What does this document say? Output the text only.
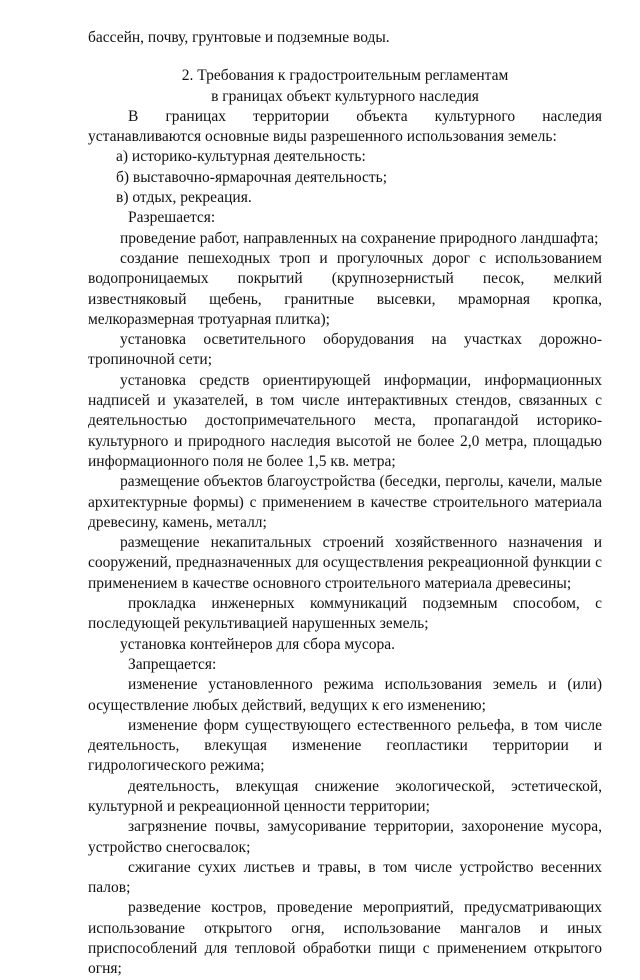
бассейн, почву, грунтовые и подземные воды.

2. Требования к градостроительным регламентам

в границах объект культурного наследия

В границах территории объекта культурного наследия устанавливаются основные виды разрешенного использования земель:

а) историко-культурная деятельность:

б) выставочно-ярмарочная деятельность;

в) отдых, рекреация.

Разрешается:

проведение работ, направленных на сохранение природного ландшафта;

создание пешеходных троп и прогулочных дорог с использованием водопроницаемых покрытий (крупнозернистый песок, мелкий известняковый щебень, гранитные высевки, мраморная кропка, мелкоразмерная тротуарная плитка);

установка осветительного оборудования на участках дорожно-тропиночной сети;

установка средств ориентирующей информации, информационных надписей и указателей, в том числе интерактивных стендов, связанных с деятельностью достопримечательного места, пропагандой историко-культурного и природного наследия высотой не более 2,0 метра, площадью информационного поля не более 1,5 кв. метра;

размещение объектов благоустройства (беседки, перголы, качели, малые архитектурные формы) с применением в качестве строительного материала древесину, камень, металл;

размещение некапитальных строений хозяйственного назначения и сооружений, предназначенных для осуществления рекреационной функции с применением в качестве основного строительного материала древесины;

прокладка инженерных коммуникаций подземным способом, с последующей рекультивацией нарушенных земель;

установка контейнеров для сбора мусора.

Запрещается:

изменение установленного режима использования земель и (или) осуществление любых действий, ведущих к его изменению;

изменение форм существующего естественного рельефа, в том числе деятельность, влекущая изменение геопластики территории и гидрологического режима;

деятельность, влекущая снижение экологической, эстетической, культурной и рекреационной ценности территории;

загрязнение почвы, замусоривание территории, захоронение мусора, устройство снегосвалок;

сжигание сухих листьев и травы, в том числе устройство весенних палов;

разведение костров, проведение мероприятий, предусматривающих использование открытого огня, использование мангалов и иных приспособлений для тепловой обработки пищи с применением открытого огня;
